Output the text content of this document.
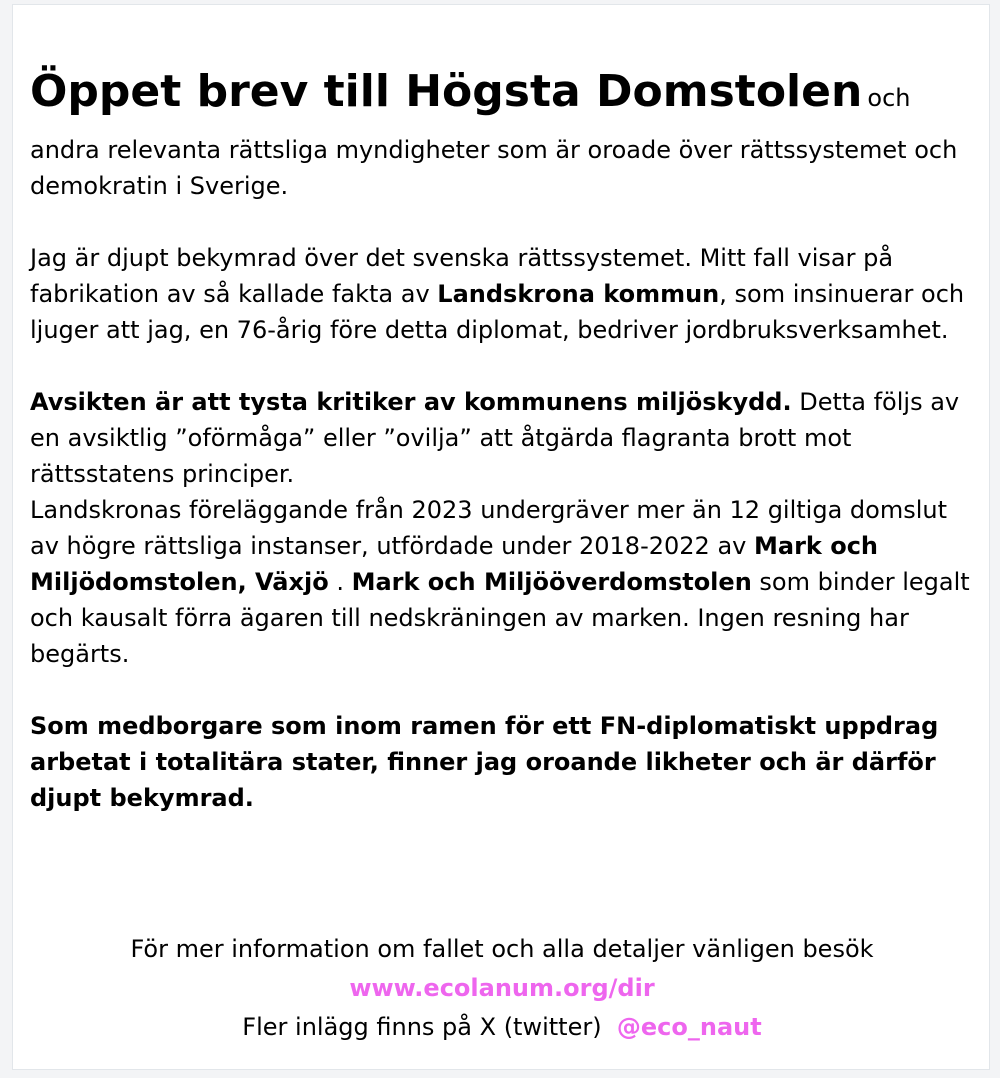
Öppet brev till Högsta Domstolen och

andra relevanta rättsliga myndigheter som är oroade över rättssystemet och demokratin i Sverige.

Jag är djupt bekymrad över det svenska rättssystemet. Mitt fall visar på fabrikation av så kallade fakta av Landskrona kommun, som insinuerar och ljuger att jag, en 76-årig före detta diplomat, bedriver jordbruksverksamhet.

Avsikten är att tysta kritiker av kommunens miljöskydd. Detta följs av en avsiktlig ”oförmåga” eller ”ovilja” att åtgärda flagranta brott mot rättsstatens principer.

Landskronas föreläggande från 2023 undergräver mer än 12 giltiga domslut av högre rättsliga instanser, utfördade under 2018-2022 av Mark och Miljödomstolen, Växjö . Mark och Miljööverdomstolen som binder legalt och kausalt förra ägaren till nedskräningen av marken. Ingen resning har begärts.

Som medborgare som inom ramen för ett FN-diplomatiskt uppdrag arbetat i totalitära stater, finner jag oroande likheter och är därför djupt bekymrad.

För mer information om fallet och alla detaljer vänligen besök
www.ecolanum.org/dir
Fler inlägg finns på X (twitter) @eco_naut
